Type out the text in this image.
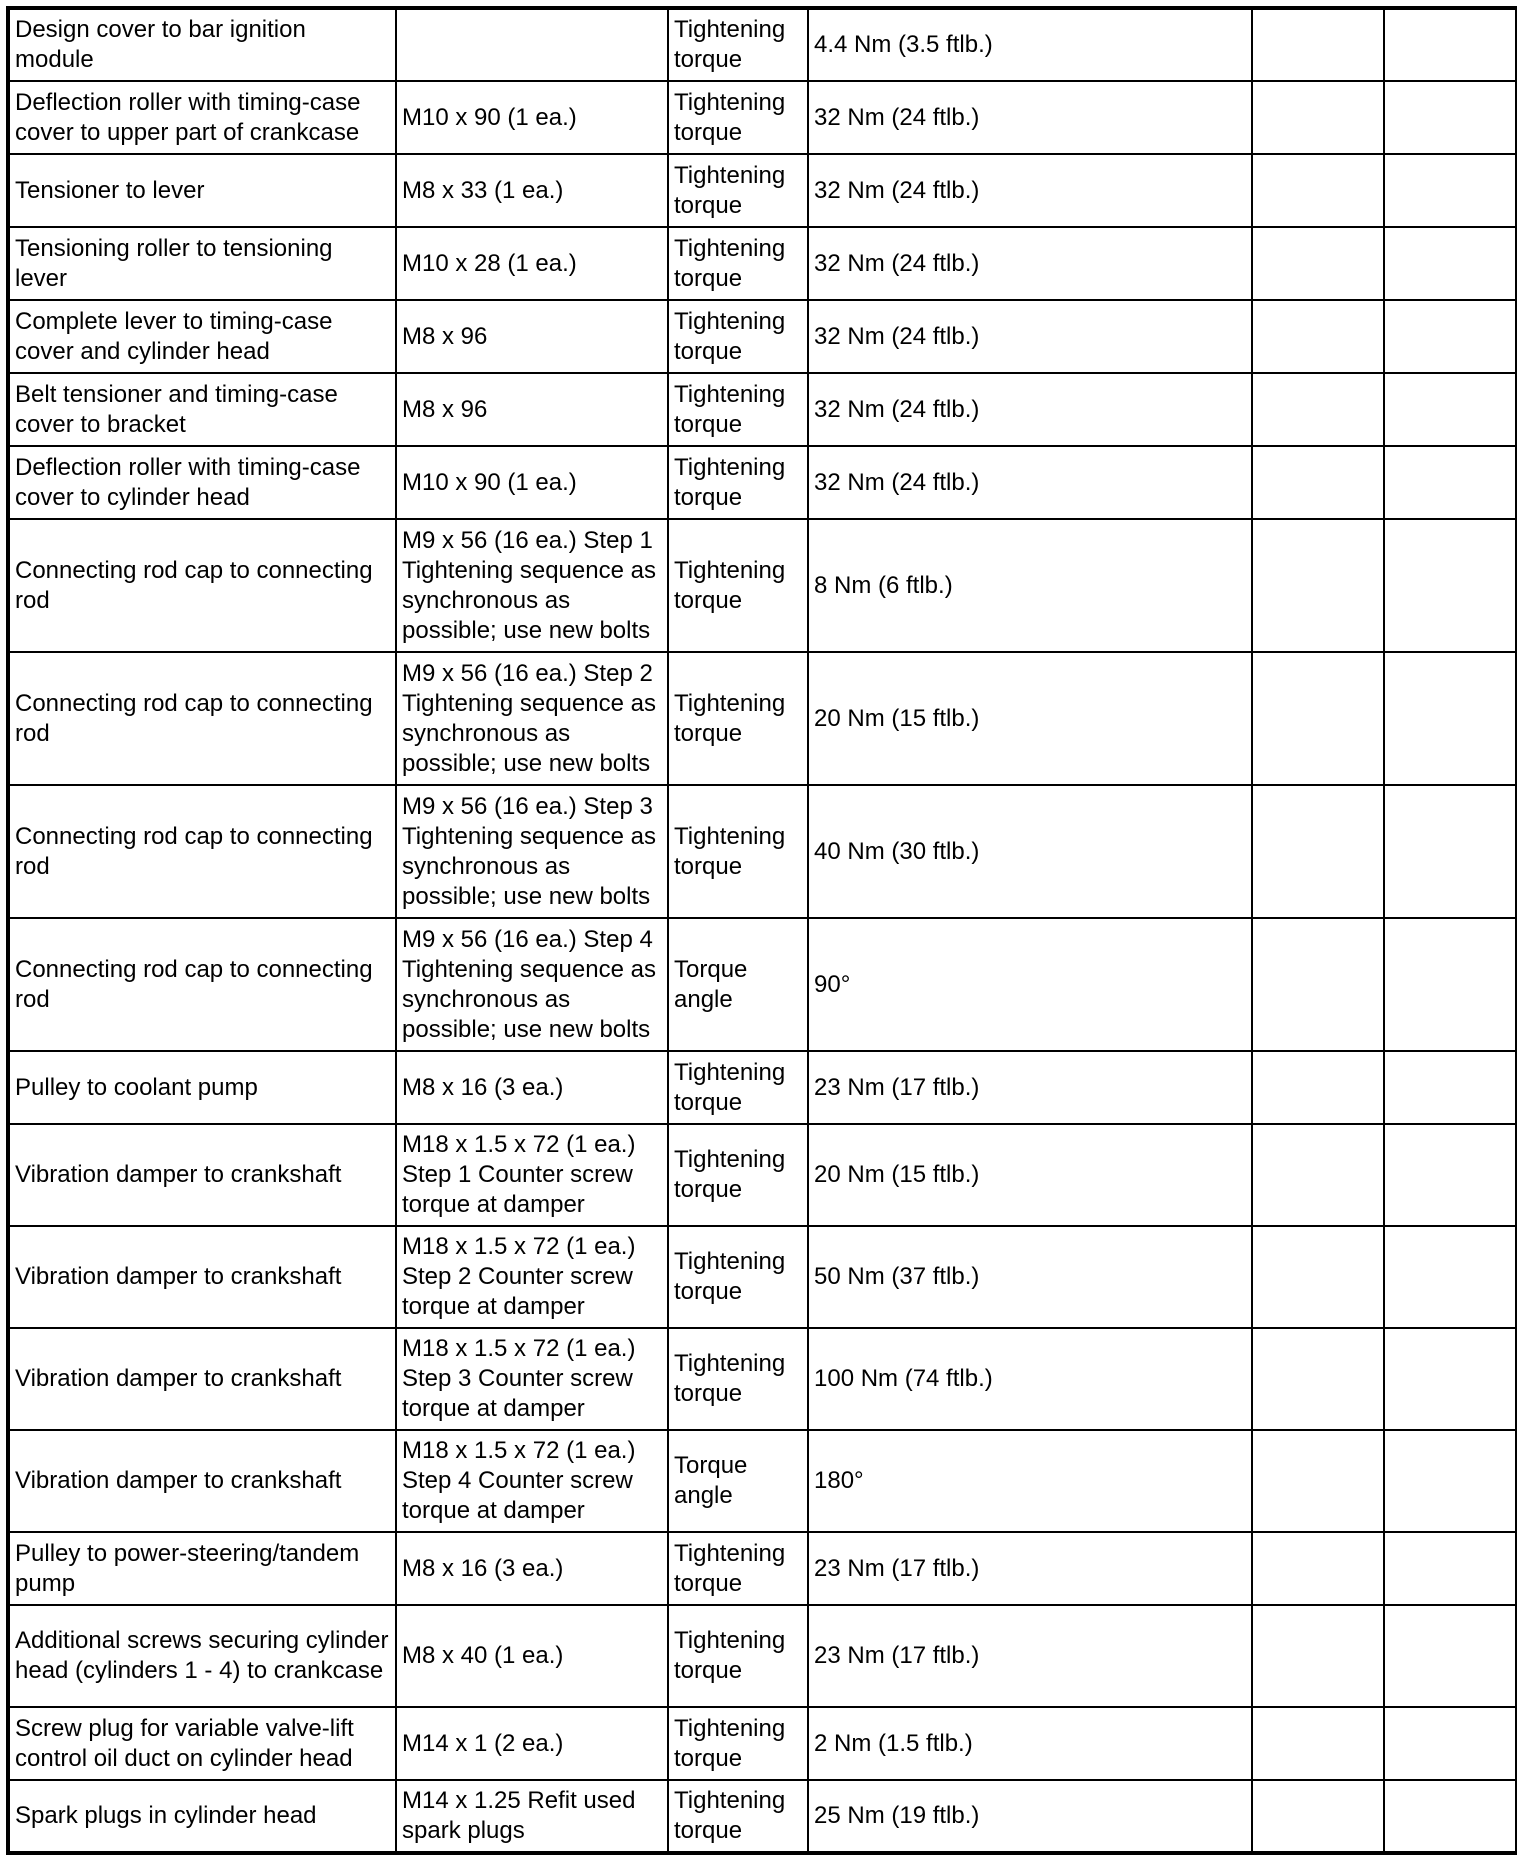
Design cover to bar ignition module		Tightening torque	4.4 Nm (3.5 ftlb.)		
Deflection roller with timing-case cover to upper part of crankcase	M10 x 90 (1 ea.)	Tightening torque	32 Nm (24 ftlb.)		
Tensioner to lever	M8 x 33 (1 ea.)	Tightening torque	32 Nm (24 ftlb.)		
Tensioning roller to tensioning lever	M10 x 28 (1 ea.)	Tightening torque	32 Nm (24 ftlb.)		
Complete lever to timing-case cover and cylinder head	M8 x 96	Tightening torque	32 Nm (24 ftlb.)		
Belt tensioner and timing-case cover to bracket	M8 x 96	Tightening torque	32 Nm (24 ftlb.)		
Deflection roller with timing-case cover to cylinder head	M10 x 90 (1 ea.)	Tightening torque	32 Nm (24 ftlb.)		
Connecting rod cap to connecting rod	M9 x 56 (16 ea.) Step 1 Tightening sequence as synchronous as possible; use new bolts	Tightening torque	8 Nm (6 ftlb.)		
Connecting rod cap to connecting rod	M9 x 56 (16 ea.) Step 2 Tightening sequence as synchronous as possible; use new bolts	Tightening torque	20 Nm (15 ftlb.)		
Connecting rod cap to connecting rod	M9 x 56 (16 ea.) Step 3 Tightening sequence as synchronous as possible; use new bolts	Tightening torque	40 Nm (30 ftlb.)		
Connecting rod cap to connecting rod	M9 x 56 (16 ea.) Step 4 Tightening sequence as synchronous as possible; use new bolts	Torque angle	90°		
Pulley to coolant pump	M8 x 16 (3 ea.)	Tightening torque	23 Nm (17 ftlb.)		
Vibration damper to crankshaft	M18 x 1.5 x 72 (1 ea.) Step 1 Counter screw torque at damper	Tightening torque	20 Nm (15 ftlb.)		
Vibration damper to crankshaft	M18 x 1.5 x 72 (1 ea.) Step 2 Counter screw torque at damper	Tightening torque	50 Nm (37 ftlb.)		
Vibration damper to crankshaft	M18 x 1.5 x 72 (1 ea.) Step 3 Counter screw torque at damper	Tightening torque	100 Nm (74 ftlb.)		
Vibration damper to crankshaft	M18 x 1.5 x 72 (1 ea.) Step 4 Counter screw torque at damper	Torque angle	180°		
Pulley to power-steering/tandem pump	M8 x 16 (3 ea.)	Tightening torque	23 Nm (17 ftlb.)		
Additional screws securing cylinder head (cylinders 1 - 4) to crankcase	M8 x 40 (1 ea.)	Tightening torque	23 Nm (17 ftlb.)		
Screw plug for variable valve-lift control oil duct on cylinder head	M14 x 1 (2 ea.)	Tightening torque	2 Nm (1.5 ftlb.)		
Spark plugs in cylinder head	M14 x 1.25 Refit used spark plugs	Tightening torque	25 Nm (19 ftlb.)		
